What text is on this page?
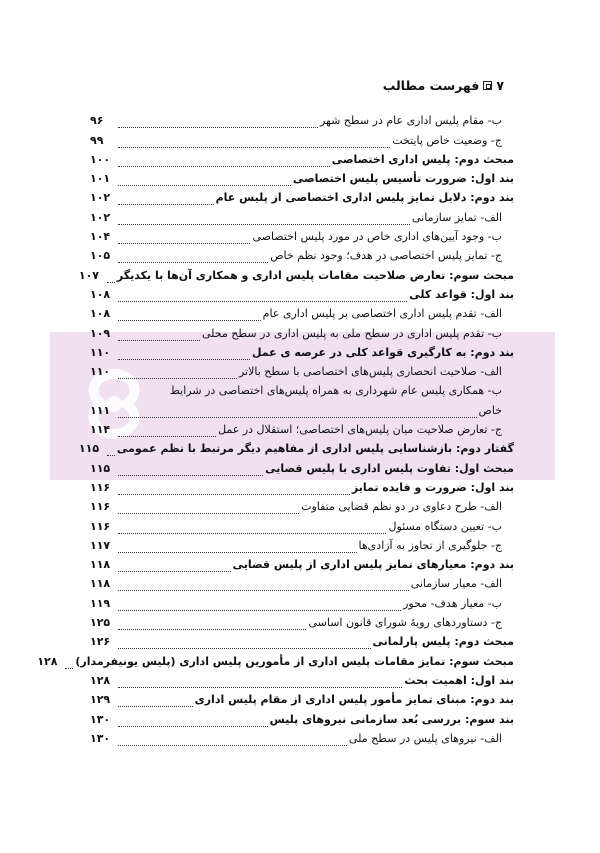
۷
فهرست مطالب
ب- مقام پلیس اداری عام در سطح شهر
۹۶
ج- وضعیت خاص پایتخت
۹۹
مبحث دوم: پلیس اداری اختصاصی
۱۰۰
بند اول: ضرورت تأسیس پلیس اختصاصی
۱۰۱
بند دوم: دلایل تمایز پلیس اداری اختصاصی از پلیس عام
۱۰۲
الف- تمایز سازمانی
۱۰۲
ب- وجود آیین‌های اداری خاص در مورد پلیس اختصاصی
۱۰۴
ج- تمایز پلیس اختصاصی در هدف؛ وجود نظم خاص
۱۰۵
مبحث سوم: تعارض صلاحیت مقامات پلیس اداری و همکاری آن‌ها با یکدیگر
۱۰۷
بند اول: قواعد کلی
۱۰۸
الف- تقدم پلیس اداری اختصاصی بر پلیس اداری عام
۱۰۸
ب- تقدم پلیس اداری در سطح ملی به پلیس اداری در سطح محلی
۱۰۹
بند دوم: به کارگیری قواعد کلی در عرصه ی عمل
۱۱۰
الف- صلاحیت انحصاری پلیس‌های اختصاصی با سطح بالاتر
۱۱۰
ب- همکاری پلیس عام شهرداری به همراه پلیس‌های اختصاصی در شرایط
خاص
۱۱۱
ج- تعارض صلاحیت میان پلیس‌های اختصاصی؛ استقلال در عمل
۱۱۴
گفتار دوم: بازشناسایی پلیس اداری از مفاهیم دیگر مرتبط با نظم عمومی
۱۱۵
مبحث اول: تفاوت پلیس اداری با پلیس قضایی
۱۱۵
بند اول: ضرورت و فایده تمایز
۱۱۶
الف- طرح دعاوی در دو نظم قضایی متفاوت
۱۱۶
ب- تعیین دستگاه مسئول
۱۱۶
ج- جلوگیری از تجاوز به آزادی‌ها
۱۱۷
بند دوم: معیارهای تمایز پلیس اداری از پلیس قضایی
۱۱۸
الف- معیار سازمانی
۱۱۸
ب- معیار هدف- محور
۱۱۹
ج- دستاوردهای رویهٔ شورای قانون اساسی
۱۲۵
مبحث دوم: پلیس پارلمانی
۱۲۶
مبحث سوم: تمایز مقامات پلیس اداری از مأمورین پلیس اداری (پلیس یونیفرمدار)
۱۲۸
بند اول: اهمیت بحث
۱۲۸
بند دوم: مبنای تمایز مأمور پلیس اداری از مقام پلیس اداری
۱۲۹
بند سوم: بررسی بُعد سازمانی نیروهای پلیس
۱۳۰
الف- نیروهای پلیس در سطح ملی
۱۳۰
